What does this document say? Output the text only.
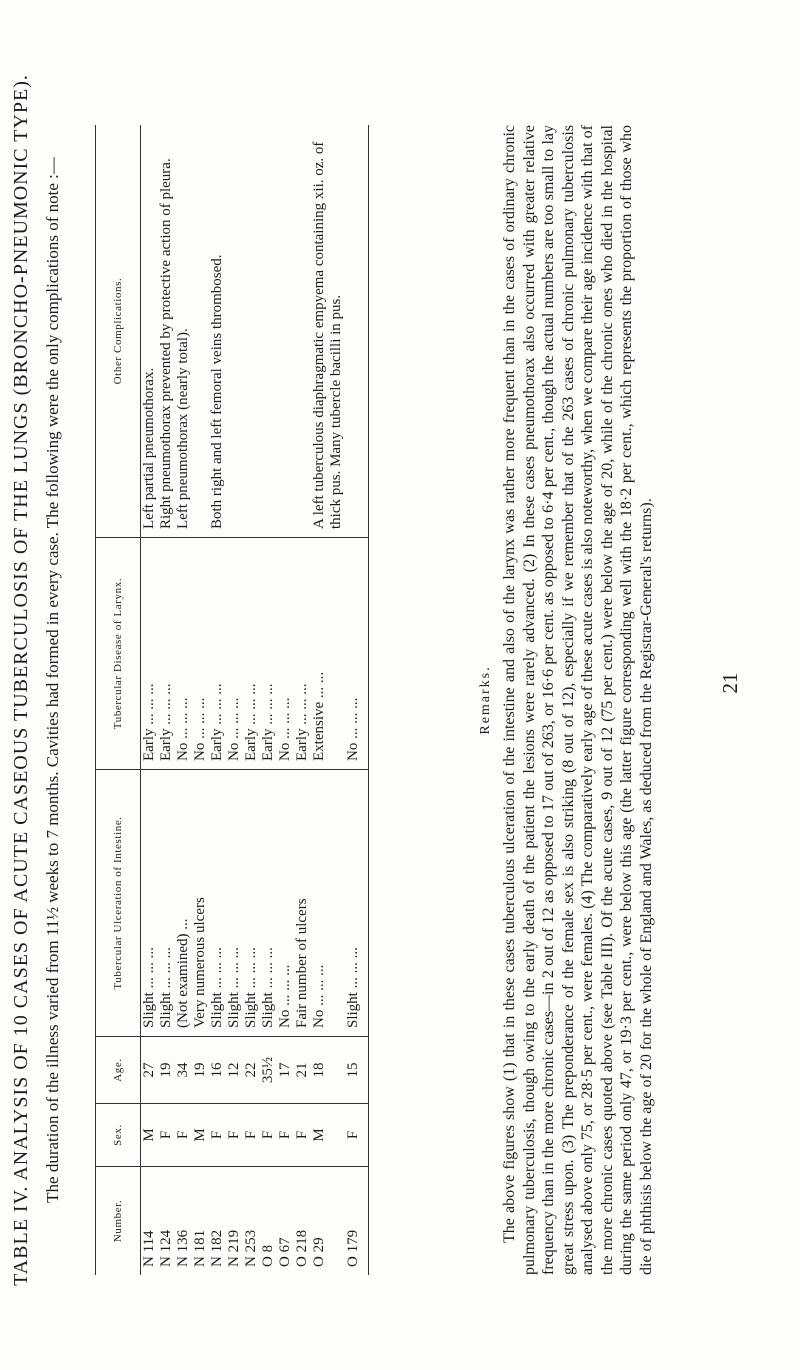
TABLE IV. ANALYSIS OF 10 CASES OF ACUTE CASEOUS TUBERCULOSIS OF THE LUNGS (BRONCHO-PNEUMONIC TYPE). The duration of the illness varied from 11½ weeks to 7 months. Cavities had formed in every case. The following were the only complications of note :—
Number.	Sex.	Age.	Tubercular Ulceration of Intestine.	Tubercular Disease of Larynx.	Other Complications.
N 114	M	27	Slight ... ... ...	Early ... ... ...	Left partial pneumothorax.
N 124	F	19	Slight ... ... ...	Early ... ... ...	Right pneumothorax prevented by protective action of pleura.
N 136	F	34	(Not examined) ...	No ... ... ...	Left pneumothorax (nearly total).
N 181	M	19	Very numerous ulcers	No ... ... ...	
N 182	F	16	Slight ... ... ...	Early ... ... ...	Both right and left femoral veins thrombosed.
N 219	F	12	Slight ... ... ...	No ... ... ...	
N 253	F	22	Slight ... ... ...	Early ... ... ...	
O 8	F	35½	Slight ... ... ...	Early ... ... ...	
O 67	F	17	No ... ... ...	No ... ... ...	
O 218	F	21	Fair number of ulcers	Early ... ... ...	
O 29	M	18	No ... ... ...	Extensive ... ...	A left tuberculous diaphragmatic empyema containing xii. oz. of thick pus. Many tubercle bacilli in pus.
O 179	F	15	Slight ... ... ...	No ... ... ...		Remarks. The above figures show (1) that in these cases tuberculous ulceration of the intestine and also of the larynx was rather more frequent than in the cases of ordinary chronic pulmonary tuberculosis, though owing to the early death of the patient the lesions were rarely advanced. (2) In these cases pneumothorax also occurred with greater relative frequency than in the more chronic cases—in 2 out of 12 as opposed to 17 out of 263, or 16·6 per cent. as opposed to 6·4 per cent., though the actual numbers are too small to lay great stress upon. (3) The preponderance of the female sex is also striking (8 out of 12), especially if we remember that of the 263 cases of chronic pulmonary tuberculosis analysed above only 75, or 28·5 per cent., were females. (4) The comparatively early age of these acute cases is also noteworthy, when we compare their age incidence with that of the more chronic cases quoted above (see Table III). Of the acute cases, 9 out of 12 (75 per cent.) were below the age of 20, while of the chronic ones who died in the hospital during the same period only 47, or 19·3 per cent., were below this age (the latter figure corresponding well with the 18·2 per cent., which represents the proportion of those who die of phthisis below the age of 20 for the whole of England and Wales, as deduced from the Registrar-General's returns).	21
